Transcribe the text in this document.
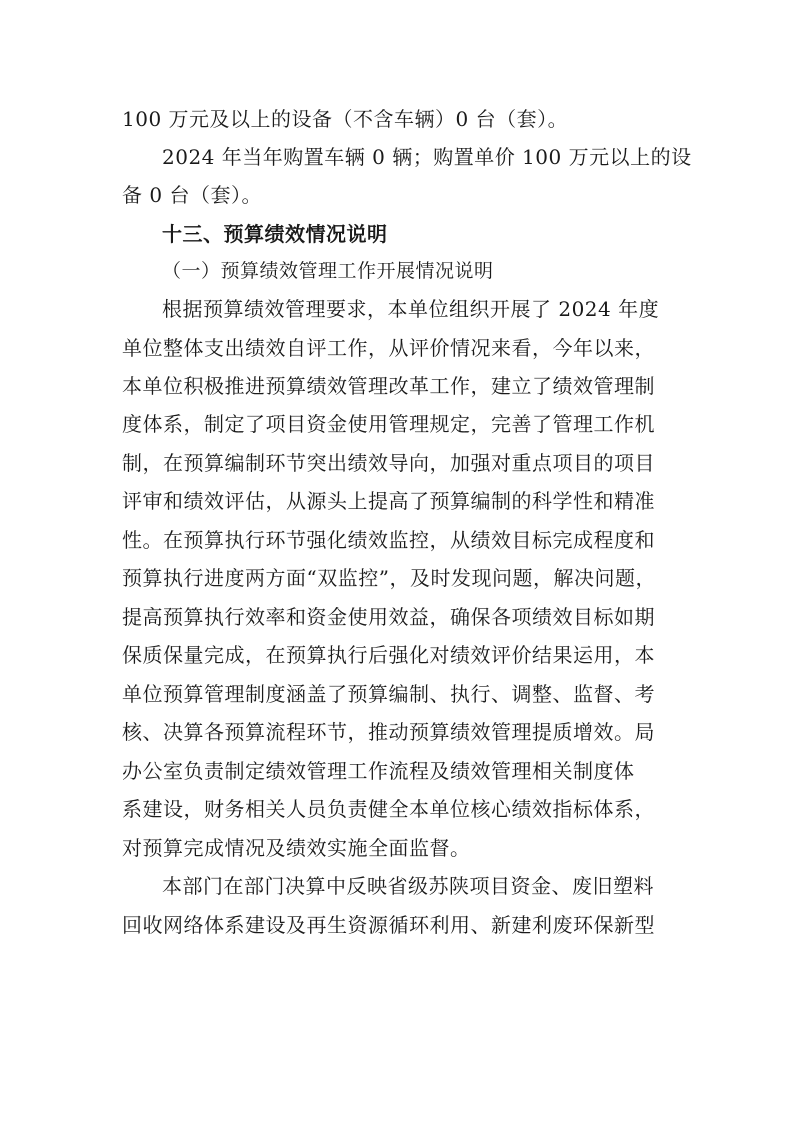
100 万元及以上的设备（不含车辆）0 台（套）。
2024 年当年购置车辆 0 辆；购置单价 100 万元以上的设
备 0 台（套）。
十三、预算绩效情况说明
（一）预算绩效管理工作开展情况说明
根据预算绩效管理要求，本单位组织开展了 2024 年度
单位整体支出绩效自评工作，从评价情况来看，今年以来，
本单位积极推进预算绩效管理改革工作，建立了绩效管理制
度体系，制定了项目资金使用管理规定，完善了管理工作机
制，在预算编制环节突出绩效导向，加强对重点项目的项目
评审和绩效评估，从源头上提高了预算编制的科学性和精准
性。在预算执行环节强化绩效监控，从绩效目标完成程度和
预算执行进度两方面“双监控”，及时发现问题，解决问题，
提高预算执行效率和资金使用效益，确保各项绩效目标如期
保质保量完成，在预算执行后强化对绩效评价结果运用，本
单位预算管理制度涵盖了预算编制、执行、调整、监督、考
核、决算各预算流程环节，推动预算绩效管理提质增效。局
办公室负责制定绩效管理工作流程及绩效管理相关制度体
系建设，财务相关人员负责健全本单位核心绩效指标体系，
对预算完成情况及绩效实施全面监督。
本部门在部门决算中反映省级苏陕项目资金、废旧塑料
回收网络体系建设及再生资源循环利用、新建利废环保新型
